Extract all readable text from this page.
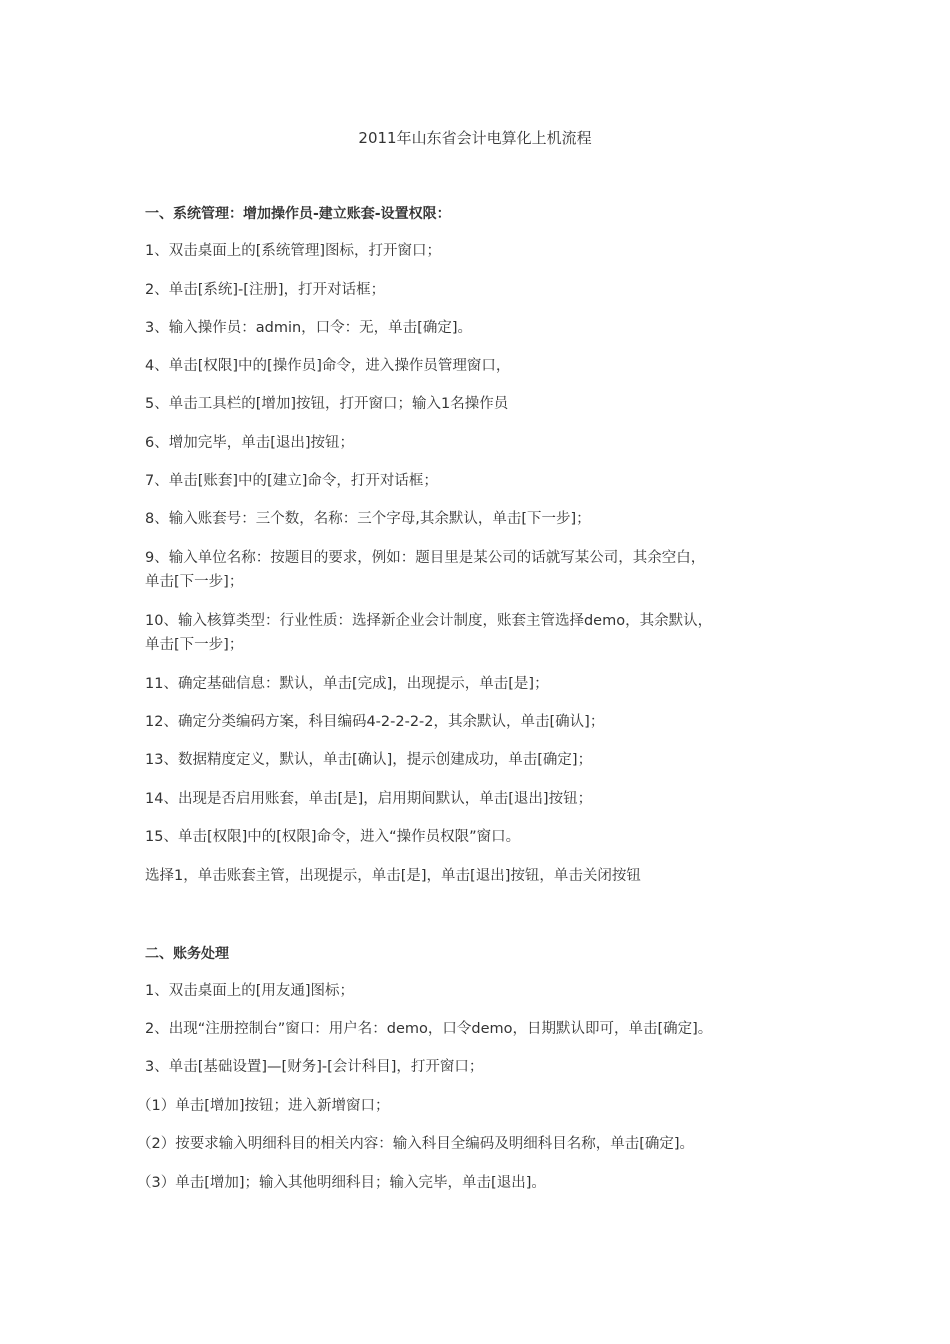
2011年山东省会计电算化上机流程
一、系统管理：增加操作员-建立账套-设置权限：
1、双击桌面上的[系统管理]图标，打开窗口；
2、单击[系统]-[注册]，打开对话框；
3、输入操作员：admin，口令：无，单击[确定]。
4、单击[权限]中的[操作员]命令，进入操作员管理窗口，
5、单击工具栏的[增加]按钮，打开窗口；输入1名操作员
6、增加完毕，单击[退出]按钮；
7、单击[账套]中的[建立]命令，打开对话框；
8、输入账套号：三个数，名称：三个字母,其余默认，单击[下一步]；
9、输入单位名称：按题目的要求，例如：题目里是某公司的话就写某公司，其余空白，
单击[下一步]；
10、输入核算类型：行业性质：选择新企业会计制度，账套主管选择demo，其余默认，
单击[下一步]；
11、确定基础信息：默认，单击[完成]，出现提示，单击[是]；
12、确定分类编码方案，科目编码4-2-2-2-2，其余默认，单击[确认]；
13、数据精度定义，默认，单击[确认]，提示创建成功，单击[确定]；
14、出现是否启用账套，单击[是]，启用期间默认，单击[退出]按钮；
15、单击[权限]中的[权限]命令，进入“操作员权限”窗口。
选择1，单击账套主管，出现提示，单击[是]，单击[退出]按钮，单击关闭按钮
二、账务处理
1、双击桌面上的[用友通]图标；
2、出现“注册控制台”窗口：用户名：demo，口令demo，日期默认即可，单击[确定]。
3、单击[基础设置]—[财务]-[会计科目]，打开窗口；
（1）单击[增加]按钮；进入新增窗口；
（2）按要求输入明细科目的相关内容：输入科目全编码及明细科目名称，单击[确定]。
（3）单击[增加]；输入其他明细科目；输入完毕，单击[退出]。
